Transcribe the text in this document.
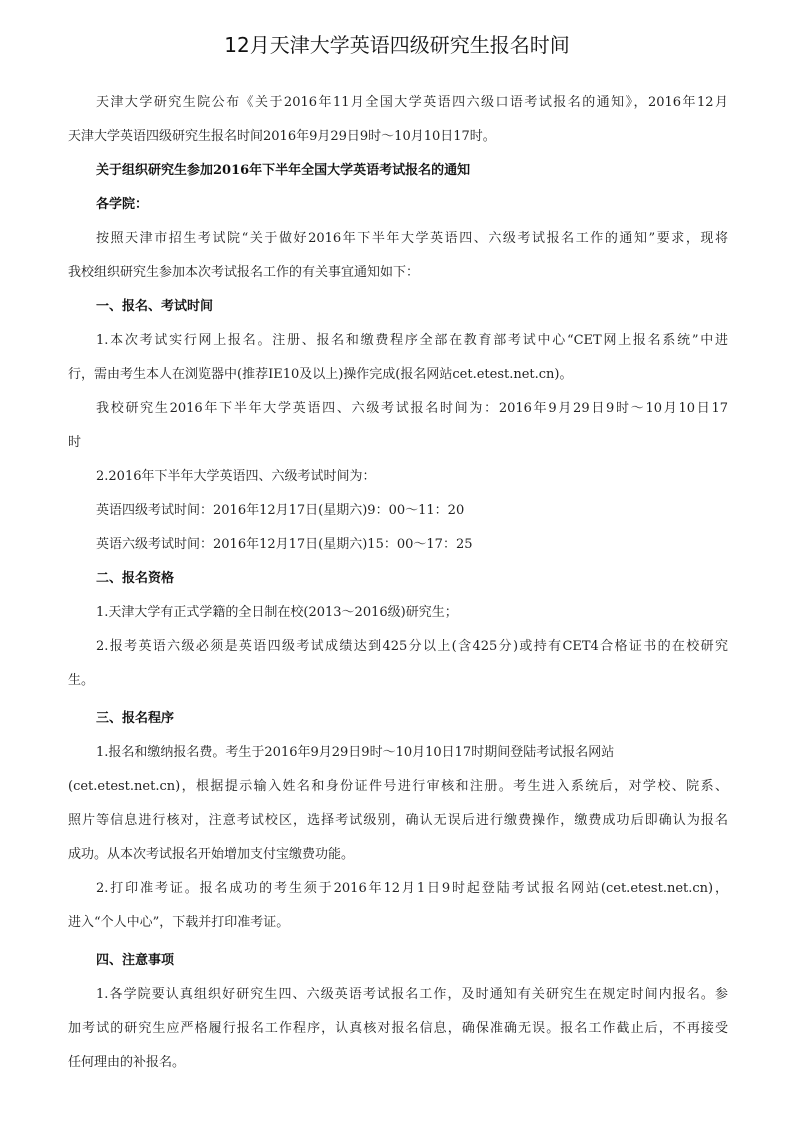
12月天津大学英语四级研究生报名时间
天津大学研究生院公布《关于2016年11月全国大学英语四六级口语考试报名的通知》，2016年12月
天津大学英语四级研究生报名时间2016年9月29日9时～10月10日17时。
关于组织研究生参加2016年下半年全国大学英语考试报名的通知
各学院：
按照天津市招生考试院“关于做好2016年下半年大学英语四、六级考试报名工作的通知”要求，现将
我校组织研究生参加本次考试报名工作的有关事宜通知如下：
一、报名、考试时间
1.本次考试实行网上报名。注册、报名和缴费程序全部在教育部考试中心“CET网上报名系统”中进
行，需由考生本人在浏览器中(推荐IE10及以上)操作完成(报名网站cet.etest.net.cn)。
我校研究生2016年下半年大学英语四、六级考试报名时间为：2016年9月29日9时～10月10日17
时
2.2016年下半年大学英语四、六级考试时间为：
英语四级考试时间：2016年12月17日(星期六)9：00～11：20
英语六级考试时间：2016年12月17日(星期六)15：00～17：25
二、报名资格
1.天津大学有正式学籍的全日制在校(2013～2016级)研究生；
2.报考英语六级必须是英语四级考试成绩达到425分以上(含425分)或持有CET4合格证书的在校研究
生。
三、报名程序
1.报名和缴纳报名费。考生于2016年9月29日9时～10月10日17时期间登陆考试报名网站
(cet.etest.net.cn)，根据提示输入姓名和身份证件号进行审核和注册。考生进入系统后，对学校、院系、
照片等信息进行核对，注意考试校区，选择考试级别，确认无误后进行缴费操作，缴费成功后即确认为报名
成功。从本次考试报名开始增加支付宝缴费功能。
2.打印准考证。报名成功的考生须于2016年12月1日9时起登陆考试报名网站(cet.etest.net.cn)，
进入“个人中心”，下载并打印准考证。
四、注意事项
1.各学院要认真组织好研究生四、六级英语考试报名工作，及时通知有关研究生在规定时间内报名。参
加考试的研究生应严格履行报名工作程序，认真核对报名信息，确保准确无误。报名工作截止后，不再接受
任何理由的补报名。
